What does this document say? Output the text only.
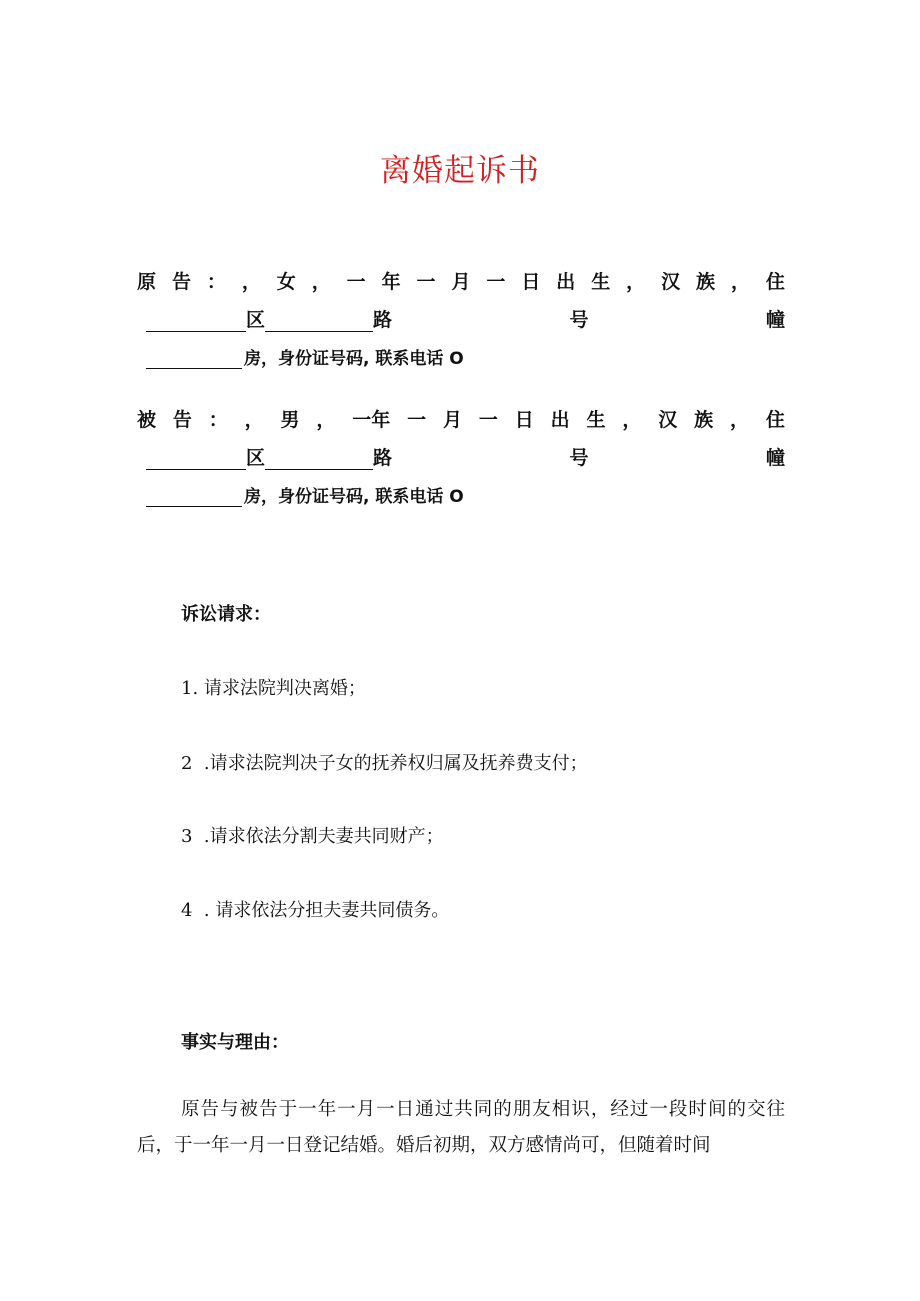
离婚起诉书
原 告 ： ， 女 ， 一 年 一 月 一 日 出 生 ， 汉 族 ， 住
区	路	号	幢
房，身份证号码, 联系电话 O
被 告 ： ， 男 ， 一年 一 月 一 日 出 生 ， 汉 族 ， 住
区	路	号	幢
房，身份证号码, 联系电话 O
诉讼请求：
1. 请求法院判决离婚；
2  .请求法院判决子女的抚养权归属及抚养费支付；
3  .请求依法分割夫妻共同财产；
4  . 请求依法分担夫妻共同债务。
事实与理由：
原告与被告于一年一月一日通过共同的朋友相识，经过一段时间的交往后，于一年一月一日登记结婚。婚后初期，双方感情尚可，但随着时间
